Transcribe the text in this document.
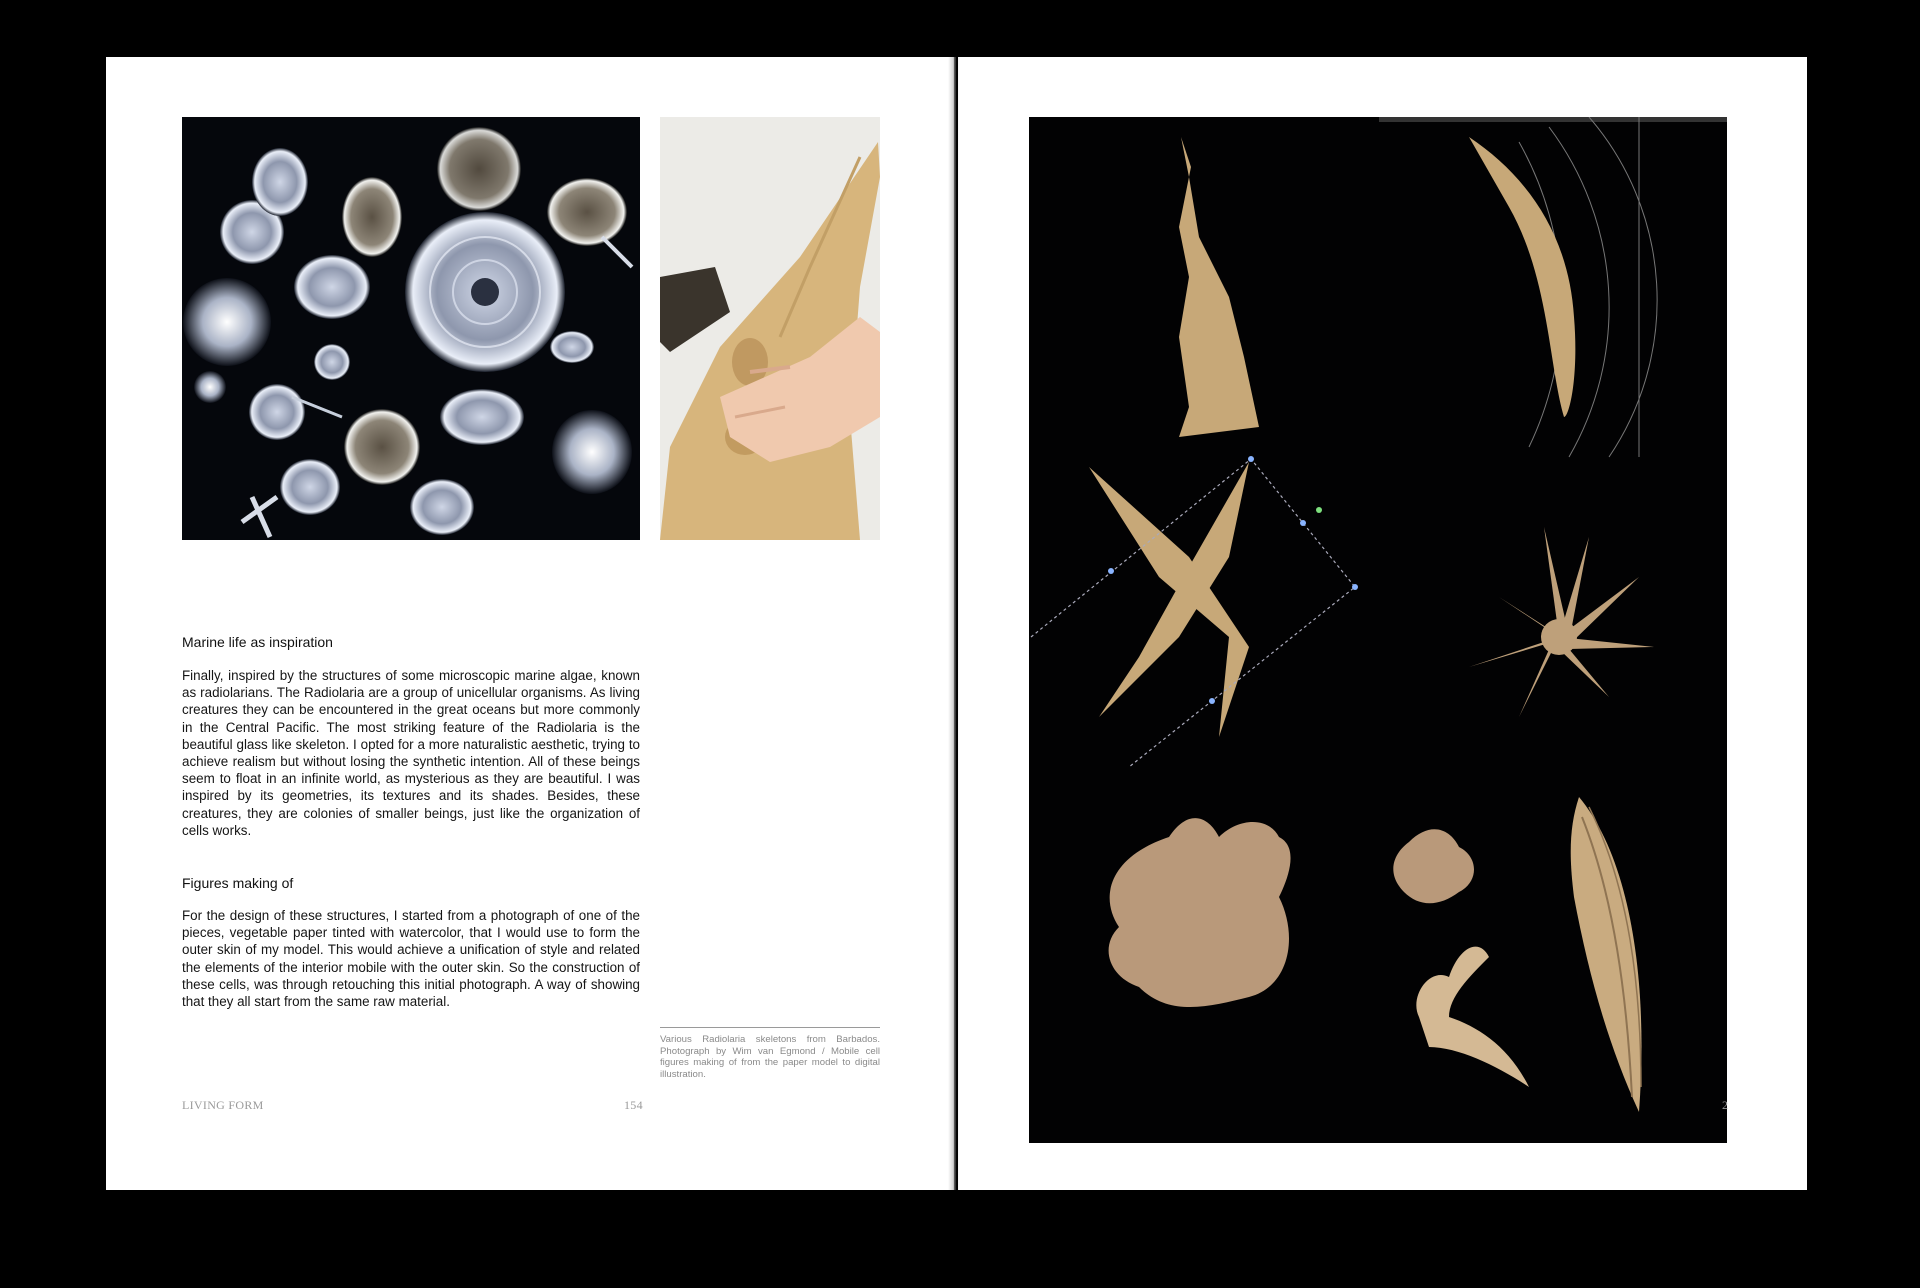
Marine life as inspiration

Finally, inspired by the structures of some microscopic marine algae, known as radiolarians. The Radiolaria are a group of unicellular organisms. As living creatures they can be encountered in the great oceans but more commonly in the Central Pacific. The most striking feature of the Radiolaria is the beautiful glass like skeleton. I opted for a more naturalistic aesthetic, trying to achieve realism but without losing the synthetic intention. All of these beings seem to float in an infinite world, as mysterious as they are beautiful. I was inspired by its geometries, its textures and its shades. Besides, these creatures, they are colonies of smaller beings, just like the organization of cells works.

Figures making of

For the design of these structures, I started from a photograph of one of the pieces, vegetable paper tinted with watercolor, that I would use to form the outer skin of my model. This would achieve a unification of style and related the elements of the interior mobile with the outer skin. So the construction of these cells, was through retouching this initial photograph. A way of showing that they all start from the same raw material.

Various Radiolaria skeletons from Barbados. Photograph by Wim van Egmond / Mobile cell figures making of from the paper model to digital illustration.

LIVING FORM	154	2
